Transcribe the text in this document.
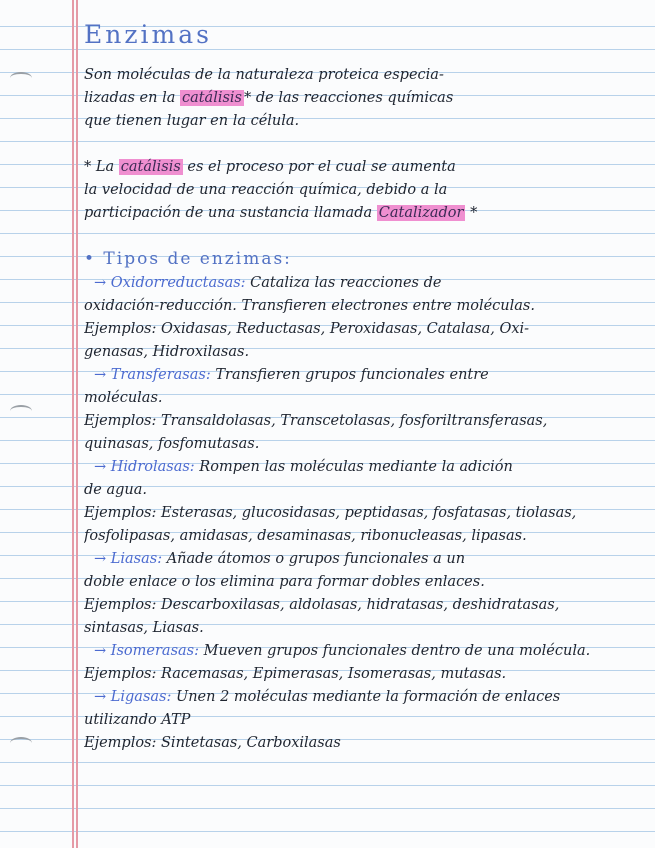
Enzimas
Son moléculas de la naturaleza proteica especia-
lizadas en la catálisis * de las reacciones químicas
que tienen lugar en la célula.
* La catálisis es el proceso por el cual se aumenta
la velocidad de una reacción química, debido a la
participación de una sustancia llamada Catalizador *
• Tipos de enzimas:
→ Oxidorreductasas: Cataliza las reacciones de
oxidación-reducción. Transfieren electrones entre moléculas.
Ejemplos: Oxidasas, Reductasas, Peroxidasas, Catalasa, Oxi-
genasas, Hidroxilasas.
→ Transferasas: Transfieren grupos funcionales entre
moléculas.
Ejemplos: Transaldolasas, Transcetolasas, fosforiltransferasas,
quinasas, fosfomutasas.
→ Hidrolasas: Rompen las moléculas mediante la adición
de agua.
Ejemplos: Esterasas, glucosidasas, peptidasas, fosfatasas, tiolasas,
fosfolipasas, amidasas, desaminasas, ribonucleasas, lipasas.
→ Liasas: Añade átomos o grupos funcionales a un
doble enlace o los elimina para formar dobles enlaces.
Ejemplos: Descarboxilasas, aldolasas, hidratasas, deshidratasas,
sintasas, Liasas.
→ Isomerasas: Mueven grupos funcionales dentro de una molécula.
Ejemplos: Racemasas, Epimerasas, Isomerasas, mutasas.
→ Ligasas: Unen 2 moléculas mediante la formación de enlaces
utilizando ATP
Ejemplos: Sintetasas, Carboxilasas
